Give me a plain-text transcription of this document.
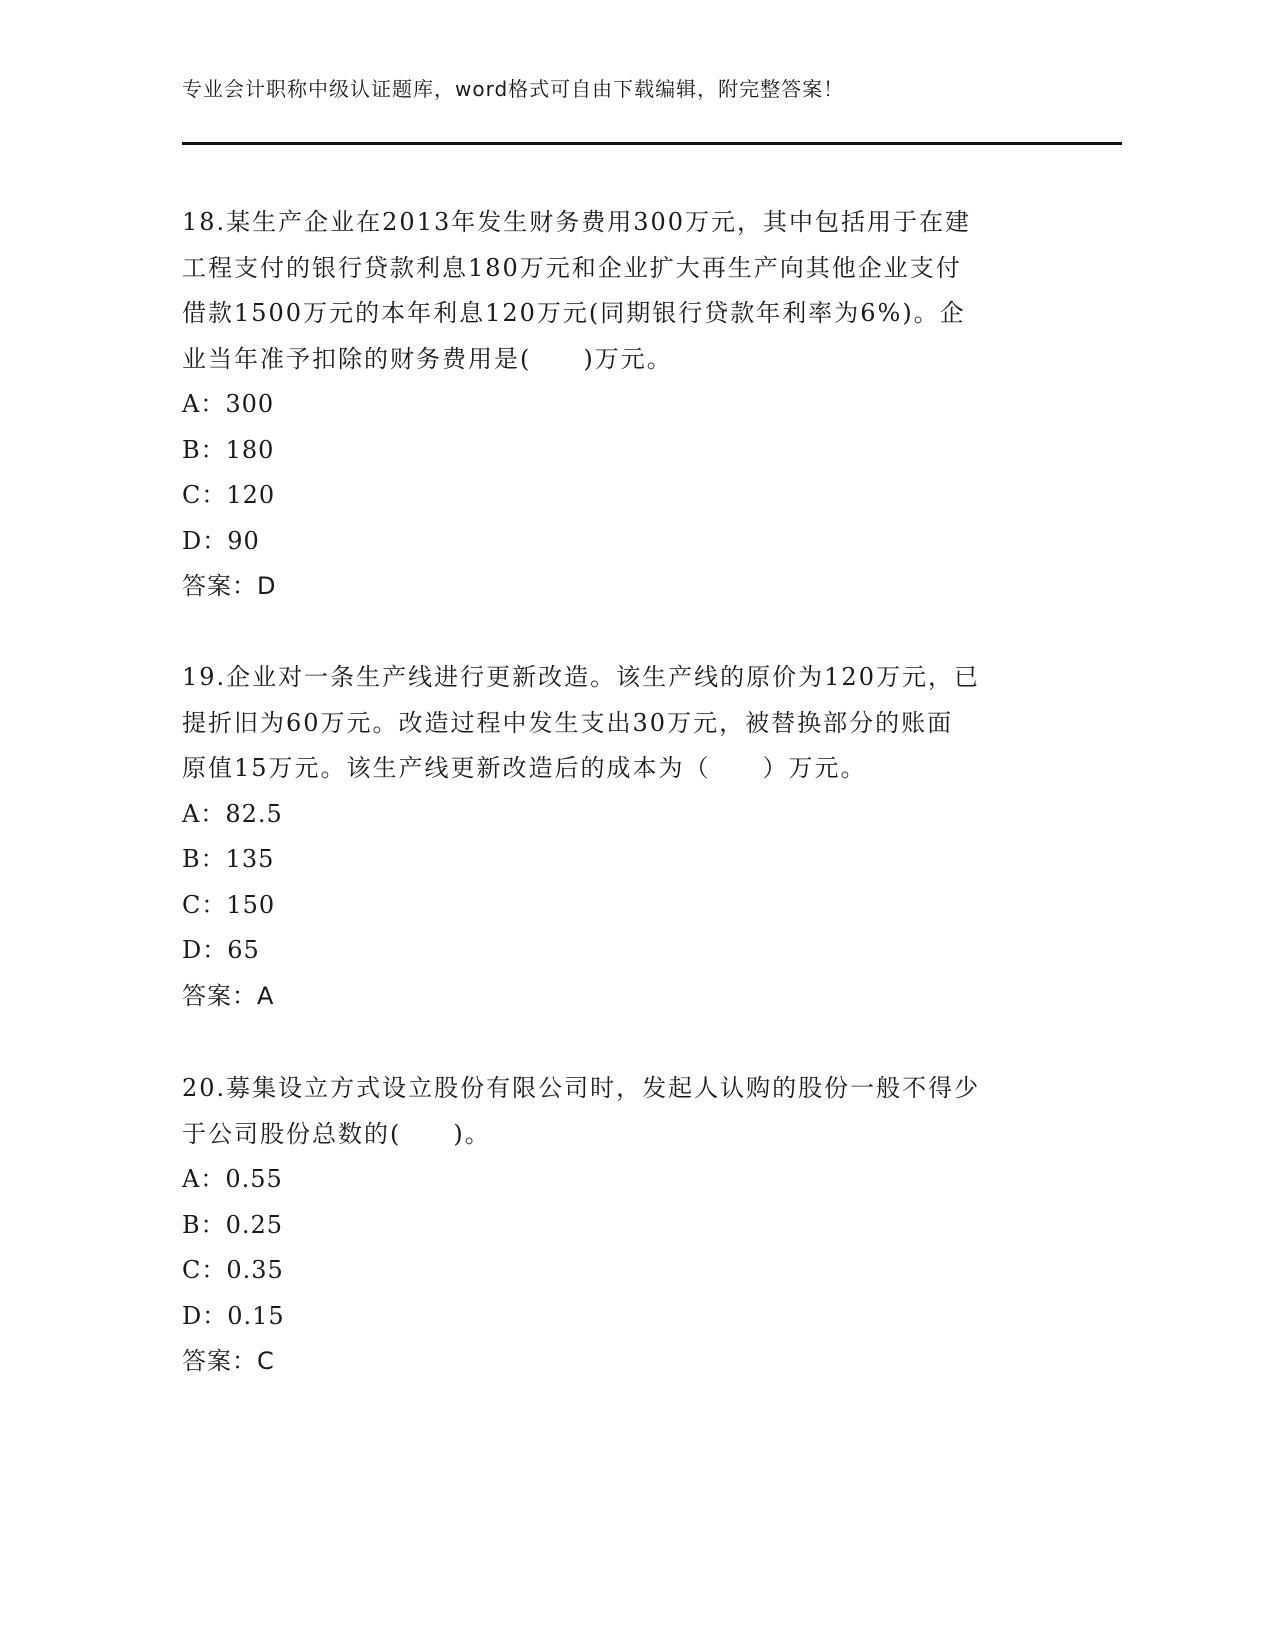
专业会计职称中级认证题库，word格式可自由下载编辑，附完整答案！

18.某生产企业在2013年发生财务费用300万元，其中包括用于在建

工程支付的银行贷款利息180万元和企业扩大再生产向其他企业支付

借款1500万元的本年利息120万元(同期银行贷款年利率为6%)。企

业当年准予扣除的财务费用是(　　)万元。

A：300

B：180

C：120

D：90

答案：D

19.企业对一条生产线进行更新改造。该生产线的原价为120万元，已

提折旧为60万元。改造过程中发生支出30万元，被替换部分的账面

原值15万元。该生产线更新改造后的成本为（　　）万元。

A：82.5

B：135

C：150

D：65

答案：A

20.募集设立方式设立股份有限公司时，发起人认购的股份一般不得少

于公司股份总数的(　　)。

A：0.55

B：0.25

C：0.35

D：0.15

答案：C
